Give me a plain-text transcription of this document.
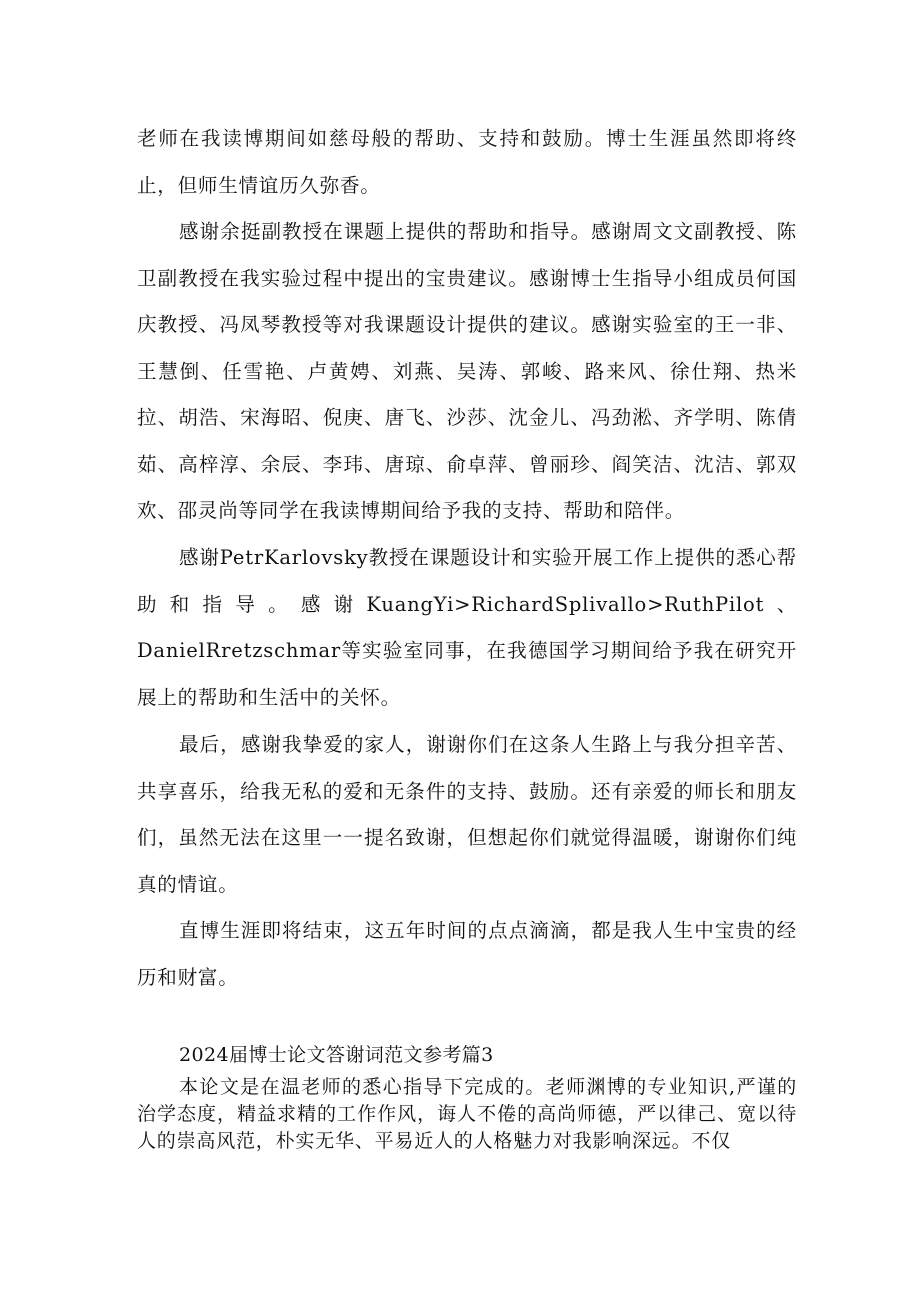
老师在我读博期间如慈母般的帮助、支持和鼓励。博士生涯虽然即将终止，但师生情谊历久弥香。

感谢余挺副教授在课题上提供的帮助和指导。感谢周文文副教授、陈卫副教授在我实验过程中提出的宝贵建议。感谢博士生指导小组成员何国庆教授、冯凤琴教授等对我课题设计提供的建议。感谢实验室的王一非、王慧倒、任雪艳、卢黄娉、刘燕、吴涛、郭峻、路来风、徐仕翔、热米拉、胡浩、宋海昭、倪庚、唐飞、沙莎、沈金儿、冯劲淞、齐学明、陈倩茹、高梓淳、余辰、李玮、唐琼、俞卓萍、曾丽珍、阎笑洁、沈洁、郭双欢、邵灵尚等同学在我读博期间给予我的支持、帮助和陪伴。

感谢PetrKarlovsky教授在课题设计和实验开展工作上提供的悉心帮助和指导。感谢KuangYi>RichardSplivallo>RuthPilot、DanielRretzschmar等实验室同事，在我德国学习期间给予我在研究开展上的帮助和生活中的关怀。

最后，感谢我挚爱的家人，谢谢你们在这条人生路上与我分担辛苦、共享喜乐，给我无私的爱和无条件的支持、鼓励。还有亲爱的师长和朋友们，虽然无法在这里一一提名致谢，但想起你们就觉得温暖，谢谢你们纯真的情谊。

直博生涯即将结束，这五年时间的点点滴滴，都是我人生中宝贵的经历和财富。

2024届博士论文答谢词范文参考篇3

本论文是在温老师的悉心指导下完成的。老师渊博的专业知识,严谨的治学态度，精益求精的工作作风，诲人不倦的高尚师德，严以律己、宽以待人的崇高风范，朴实无华、平易近人的人格魅力对我影响深远。不仅
